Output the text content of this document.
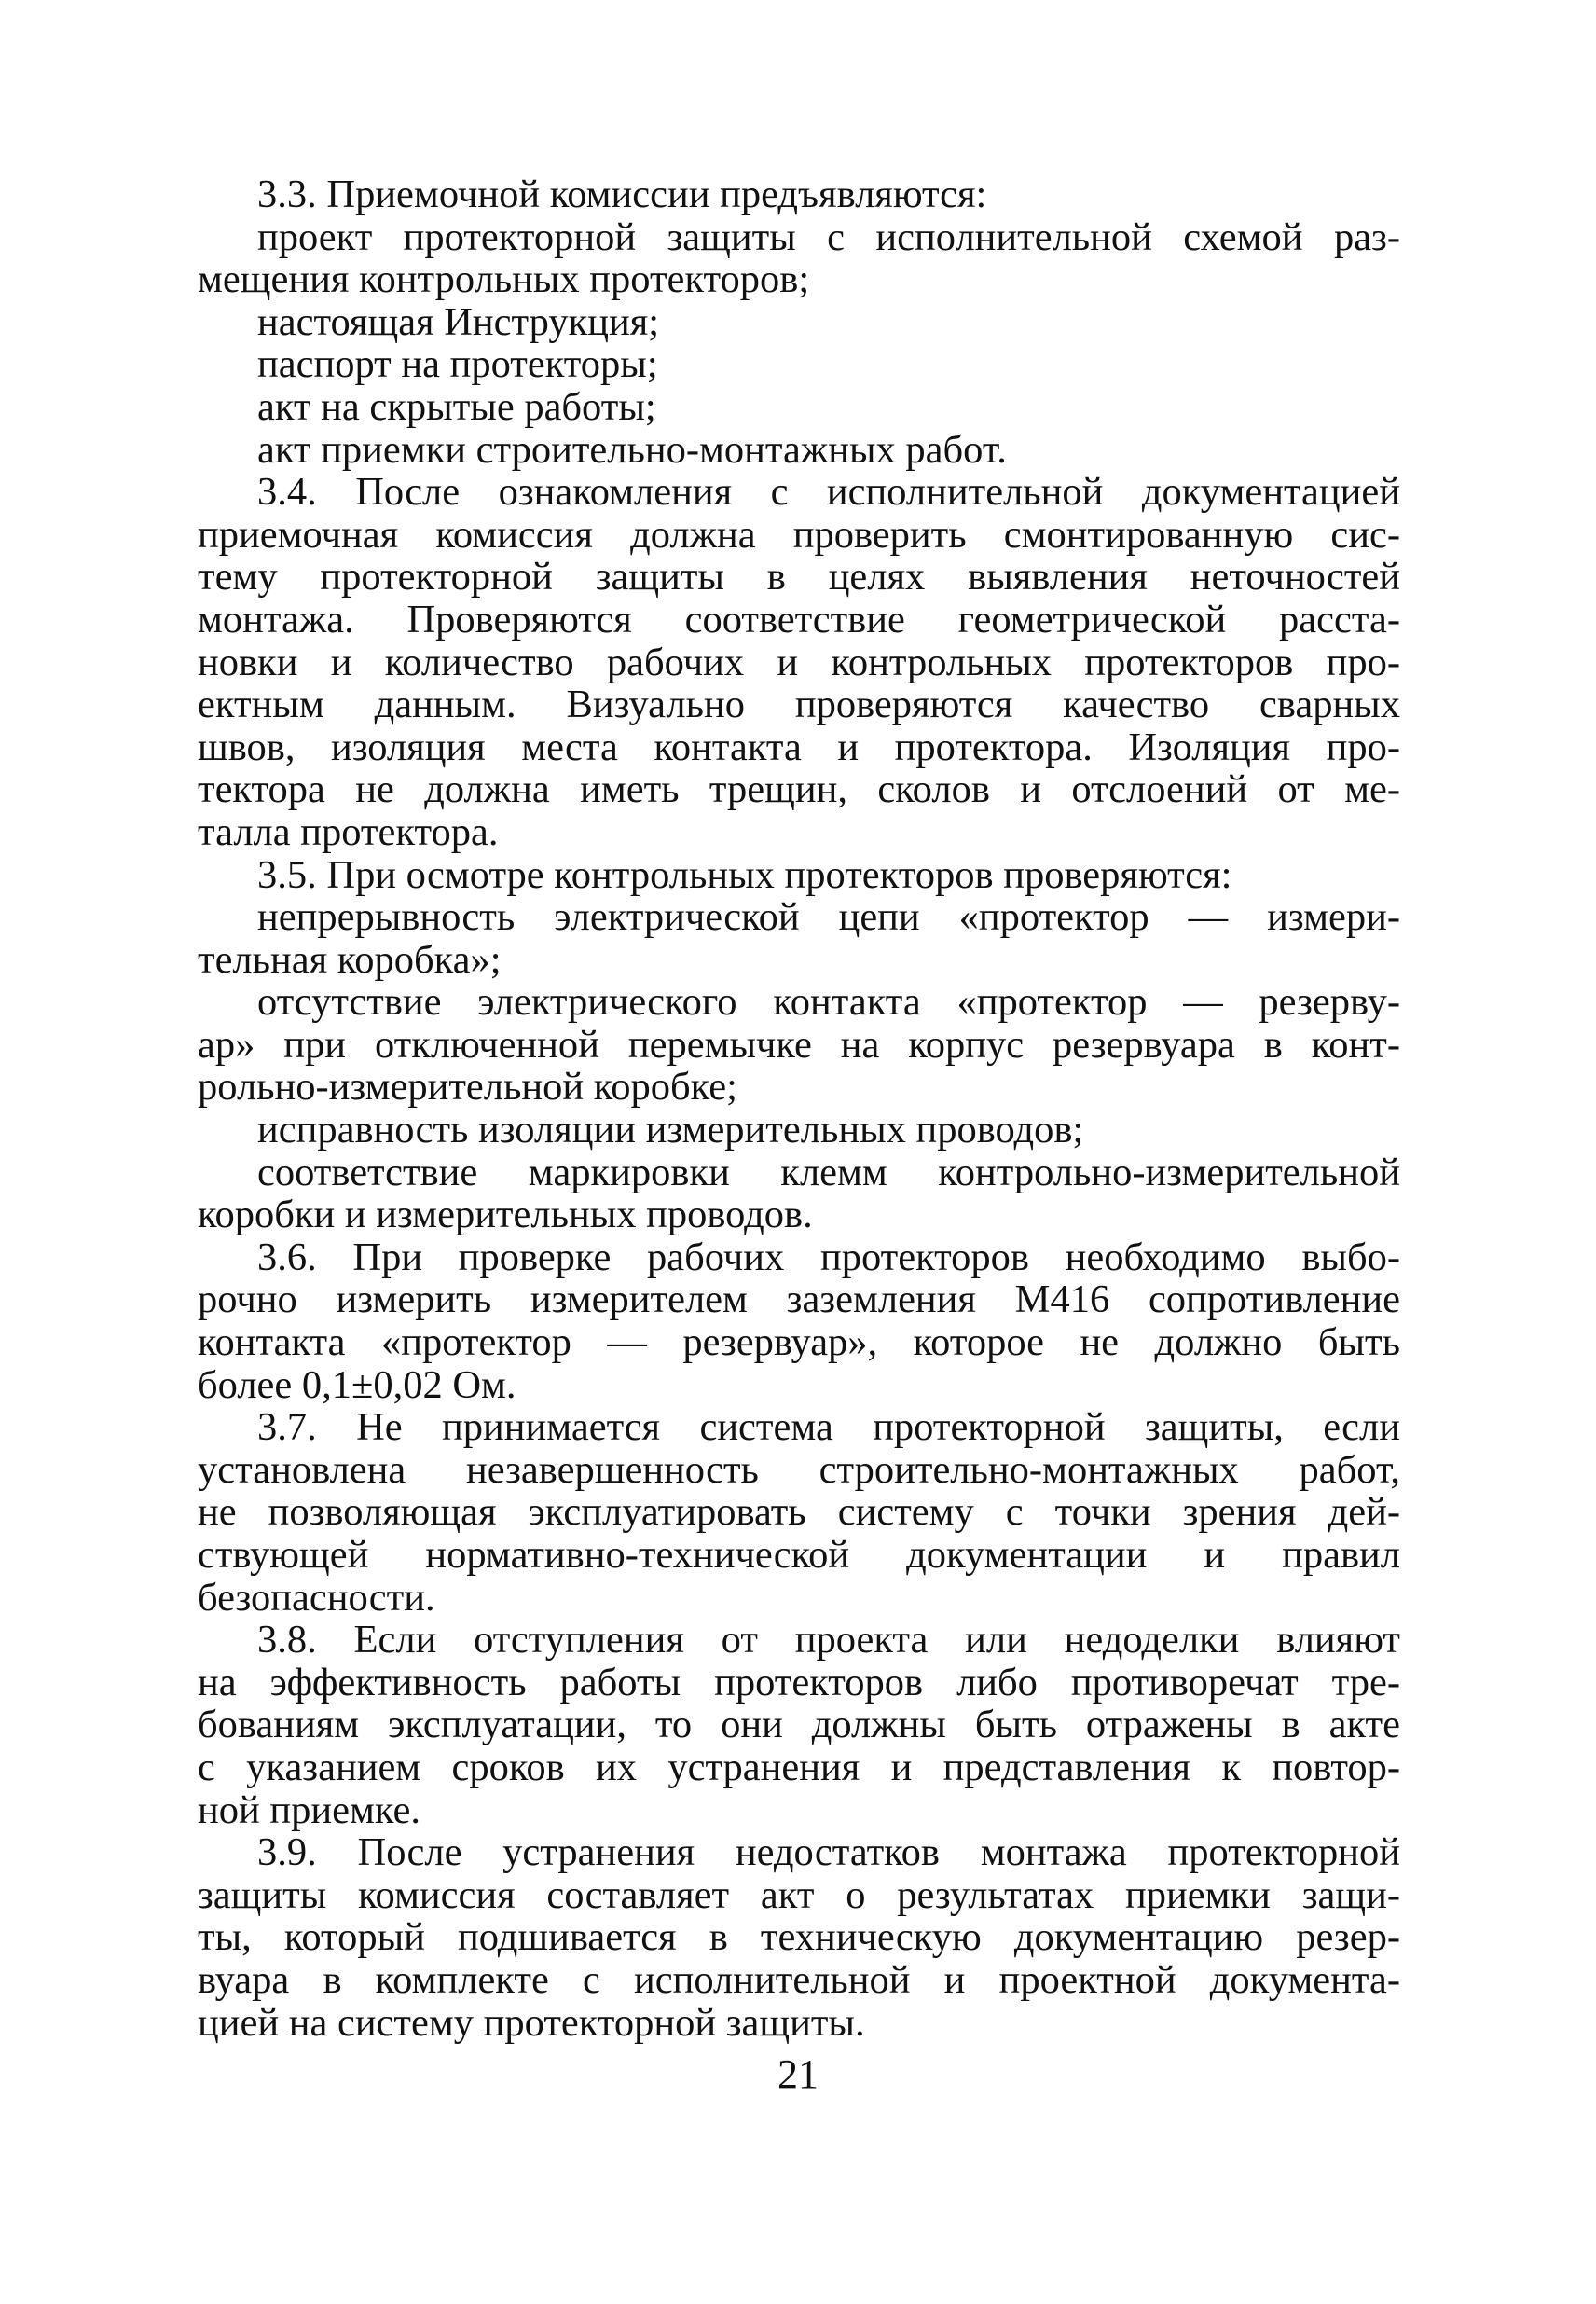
3.3. Приемочной комиссии предъявляются:
проект протекторной защиты с исполнительной схемой раз-
мещения контрольных протекторов;
настоящая Инструкция;
паспорт на протекторы;
акт на скрытые работы;
акт приемки строительно-монтажных работ.
3.4. После ознакомления с исполнительной документацией
приемочная комиссия должна проверить смонтированную сис-
тему протекторной защиты в целях выявления неточностей
монтажа. Проверяются соответствие геометрической расста-
новки и количество рабочих и контрольных протекторов про-
ектным данным. Визуально проверяются качество сварных
швов, изоляция места контакта и протектора. Изоляция про-
тектора не должна иметь трещин, сколов и отслоений от ме-
талла протектора.
3.5. При осмотре контрольных протекторов проверяются:
непрерывность электрической цепи «протектор — измери-
тельная коробка»;
отсутствие электрического контакта «протектор — резерву-
ар» при отключенной перемычке на корпус резервуара в конт-
рольно-измерительной коробке;
исправность изоляции измерительных проводов;
соответствие маркировки клемм контрольно-измерительной
коробки и измерительных проводов.
3.6. При проверке рабочих протекторов необходимо выбо-
рочно измерить измерителем заземления М416 сопротивление
контакта «протектор — резервуар», которое не должно быть
более 0,1±0,02 Ом.
3.7. Не принимается система протекторной защиты, если
установлена незавершенность строительно-монтажных работ,
не позволяющая эксплуатировать систему с точки зрения дей-
ствующей нормативно-технической документации и правил
безопасности.
3.8. Если отступления от проекта или недоделки влияют
на эффективность работы протекторов либо противоречат тре-
бованиям эксплуатации, то они должны быть отражены в акте
с указанием сроков их устранения и представления к повтор-
ной приемке.
3.9. После устранения недостатков монтажа протекторной
защиты комиссия составляет акт о результатах приемки защи-
ты, который подшивается в техническую документацию резер-
вуара в комплекте с исполнительной и проектной документа-
цией на систему протекторной защиты.
21
